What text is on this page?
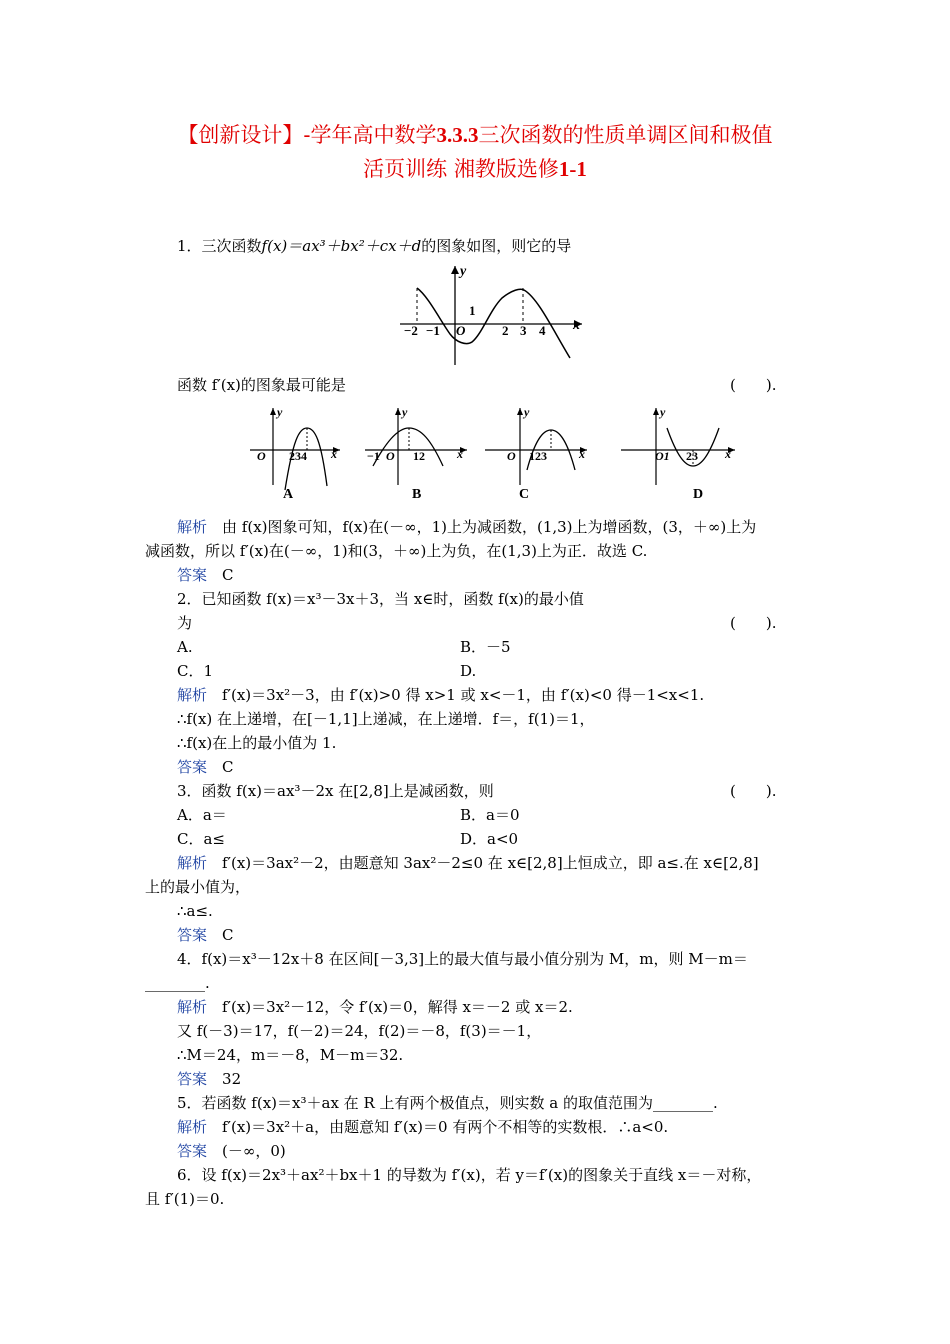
【创新设计】-学年高中数学3.3.3三次函数的性质单调区间和极值
活页训练 湘教版选修1-1
1．三次函数f(x)＝ax³＋bx²＋cx＋d的图象如图，则它的导
−2 −1 O
1
2 3 4 x
y
函数 f′(x)的图象最可能是	(　　).
O 234 x
y
A
−1 O 12	x
y
B
O 123	x
y
C
O1 23 x
y
D
解析　 由 f(x)图象可知，f(x)在(－∞，1)上为减函数，(1,3)上为增函数，(3，＋∞)上为
减函数，所以 f′(x)在(－∞，1)和(3，＋∞)上为负，在(1,3)上为正．故选 C.
答案　 C
2．已知函数 f(x)＝x³－3x＋3，当 x∈时，函数 f(x)的最小值
为	(　　).
A.	B．－5
C．1	D.
解析　 f′(x)＝3x²－3，由 f′(x)>0 得 x>1 或 x<－1，由 f′(x)<0 得－1<x<1.
∴f(x) 在上递增，在[－1,1]上递减，在上递增．f＝，f(1)＝1，
∴f(x)在上的最小值为 1.
答案　 C
3．函数 f(x)＝ax³－2x 在[2,8]上是减函数，则	(　　).
A．a＝	B．a＝0
C．a≤	D．a<0
解析　 f′(x)＝3ax²－2，由题意知 3ax²－2≤0 在 x∈[2,8]上恒成立，即 a≤.在 x∈[2,8]
上的最小值为，
∴a≤.
答案　 C
4．f(x)＝x³－12x＋8 在区间[－3,3]上的最大值与最小值分别为 M，m，则 M－m＝
________.
解析　 f′(x)＝3x²－12，令 f′(x)＝0，解得 x＝－2 或 x＝2.
又 f(－3)＝17，f(－2)＝24，f(2)＝－8，f(3)＝－1，
∴M＝24，m＝－8，M－m＝32.
答案　 32
5．若函数 f(x)＝x³＋ax 在 R 上有两个极值点，则实数 a 的取值范围为________.
解析　 f′(x)＝3x²＋a，由题意知 f′(x)＝0 有两个不相等的实数根．∴a<0.
答案　 (－∞，0)
6．设 f(x)＝2x³＋ax²＋bx＋1 的导数为 f′(x)，若 y＝f′(x)的图象关于直线 x＝－对称，
且 f′(1)＝0.
